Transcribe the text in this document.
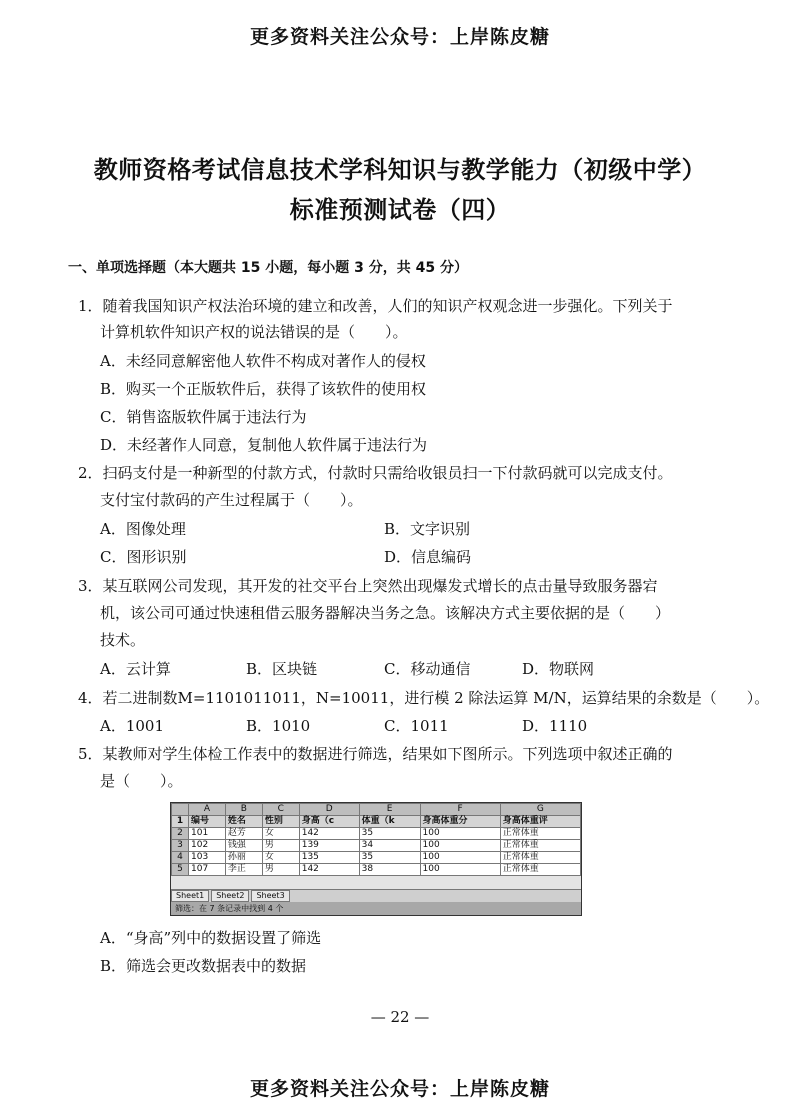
更多资料关注公众号：上岸陈皮糖
教师资格考试信息技术学科知识与教学能力（初级中学）
标准预测试卷（四）
一、单项选择题（本大题共 15 小题，每小题 3 分，共 45 分）
1．随着我国知识产权法治环境的建立和改善，人们的知识产权观念进一步强化。下列关于
计算机软件知识产权的说法错误的是（　　）。
A．未经同意解密他人软件不构成对著作人的侵权
B．购买一个正版软件后，获得了该软件的使用权
C．销售盗版软件属于违法行为
D．未经著作人同意，复制他人软件属于违法行为
2．扫码支付是一种新型的付款方式，付款时只需给收银员扫一下付款码就可以完成支付。
支付宝付款码的产生过程属于（　　）。
A．图像处理	B．文字识别
C．图形识别	D．信息编码
3．某互联网公司发现，其开发的社交平台上突然出现爆发式增长的点击量导致服务器宕
机，该公司可通过快速租借云服务器解决当务之急。该解决方式主要依据的是（　　）
技术。
A．云计算	B．区块链	C．移动通信	D．物联网
4．若二进制数M=1101011011，N=10011，进行模 2 除法运算 M/N，运算结果的余数是（　　）。
A．1001	B．1010	C．1011	D．1110
5．某教师对学生体检工作表中的数据进行筛选，结果如下图所示。下列选项中叙述正确的
是（　　）。
	A	B	C	D	E	F	G
1	编号	姓名	性别	身高（c	体重（k	身高体重分	身高体重评
2	101	赵芳	女	142	35	100	正常体重
3	102	钱强	男	139	34	100	正常体重
4	103	孙丽	女	135	35	100	正常体重
5	107	李正	男	142	38	100	正常体重
Sheet1 Sheet2 Sheet3
筛选：在 7 条记录中找到 4 个
A．“身高”列中的数据设置了筛选
B．筛选会更改数据表中的数据
— 22 —
更多资料关注公众号：上岸陈皮糖
